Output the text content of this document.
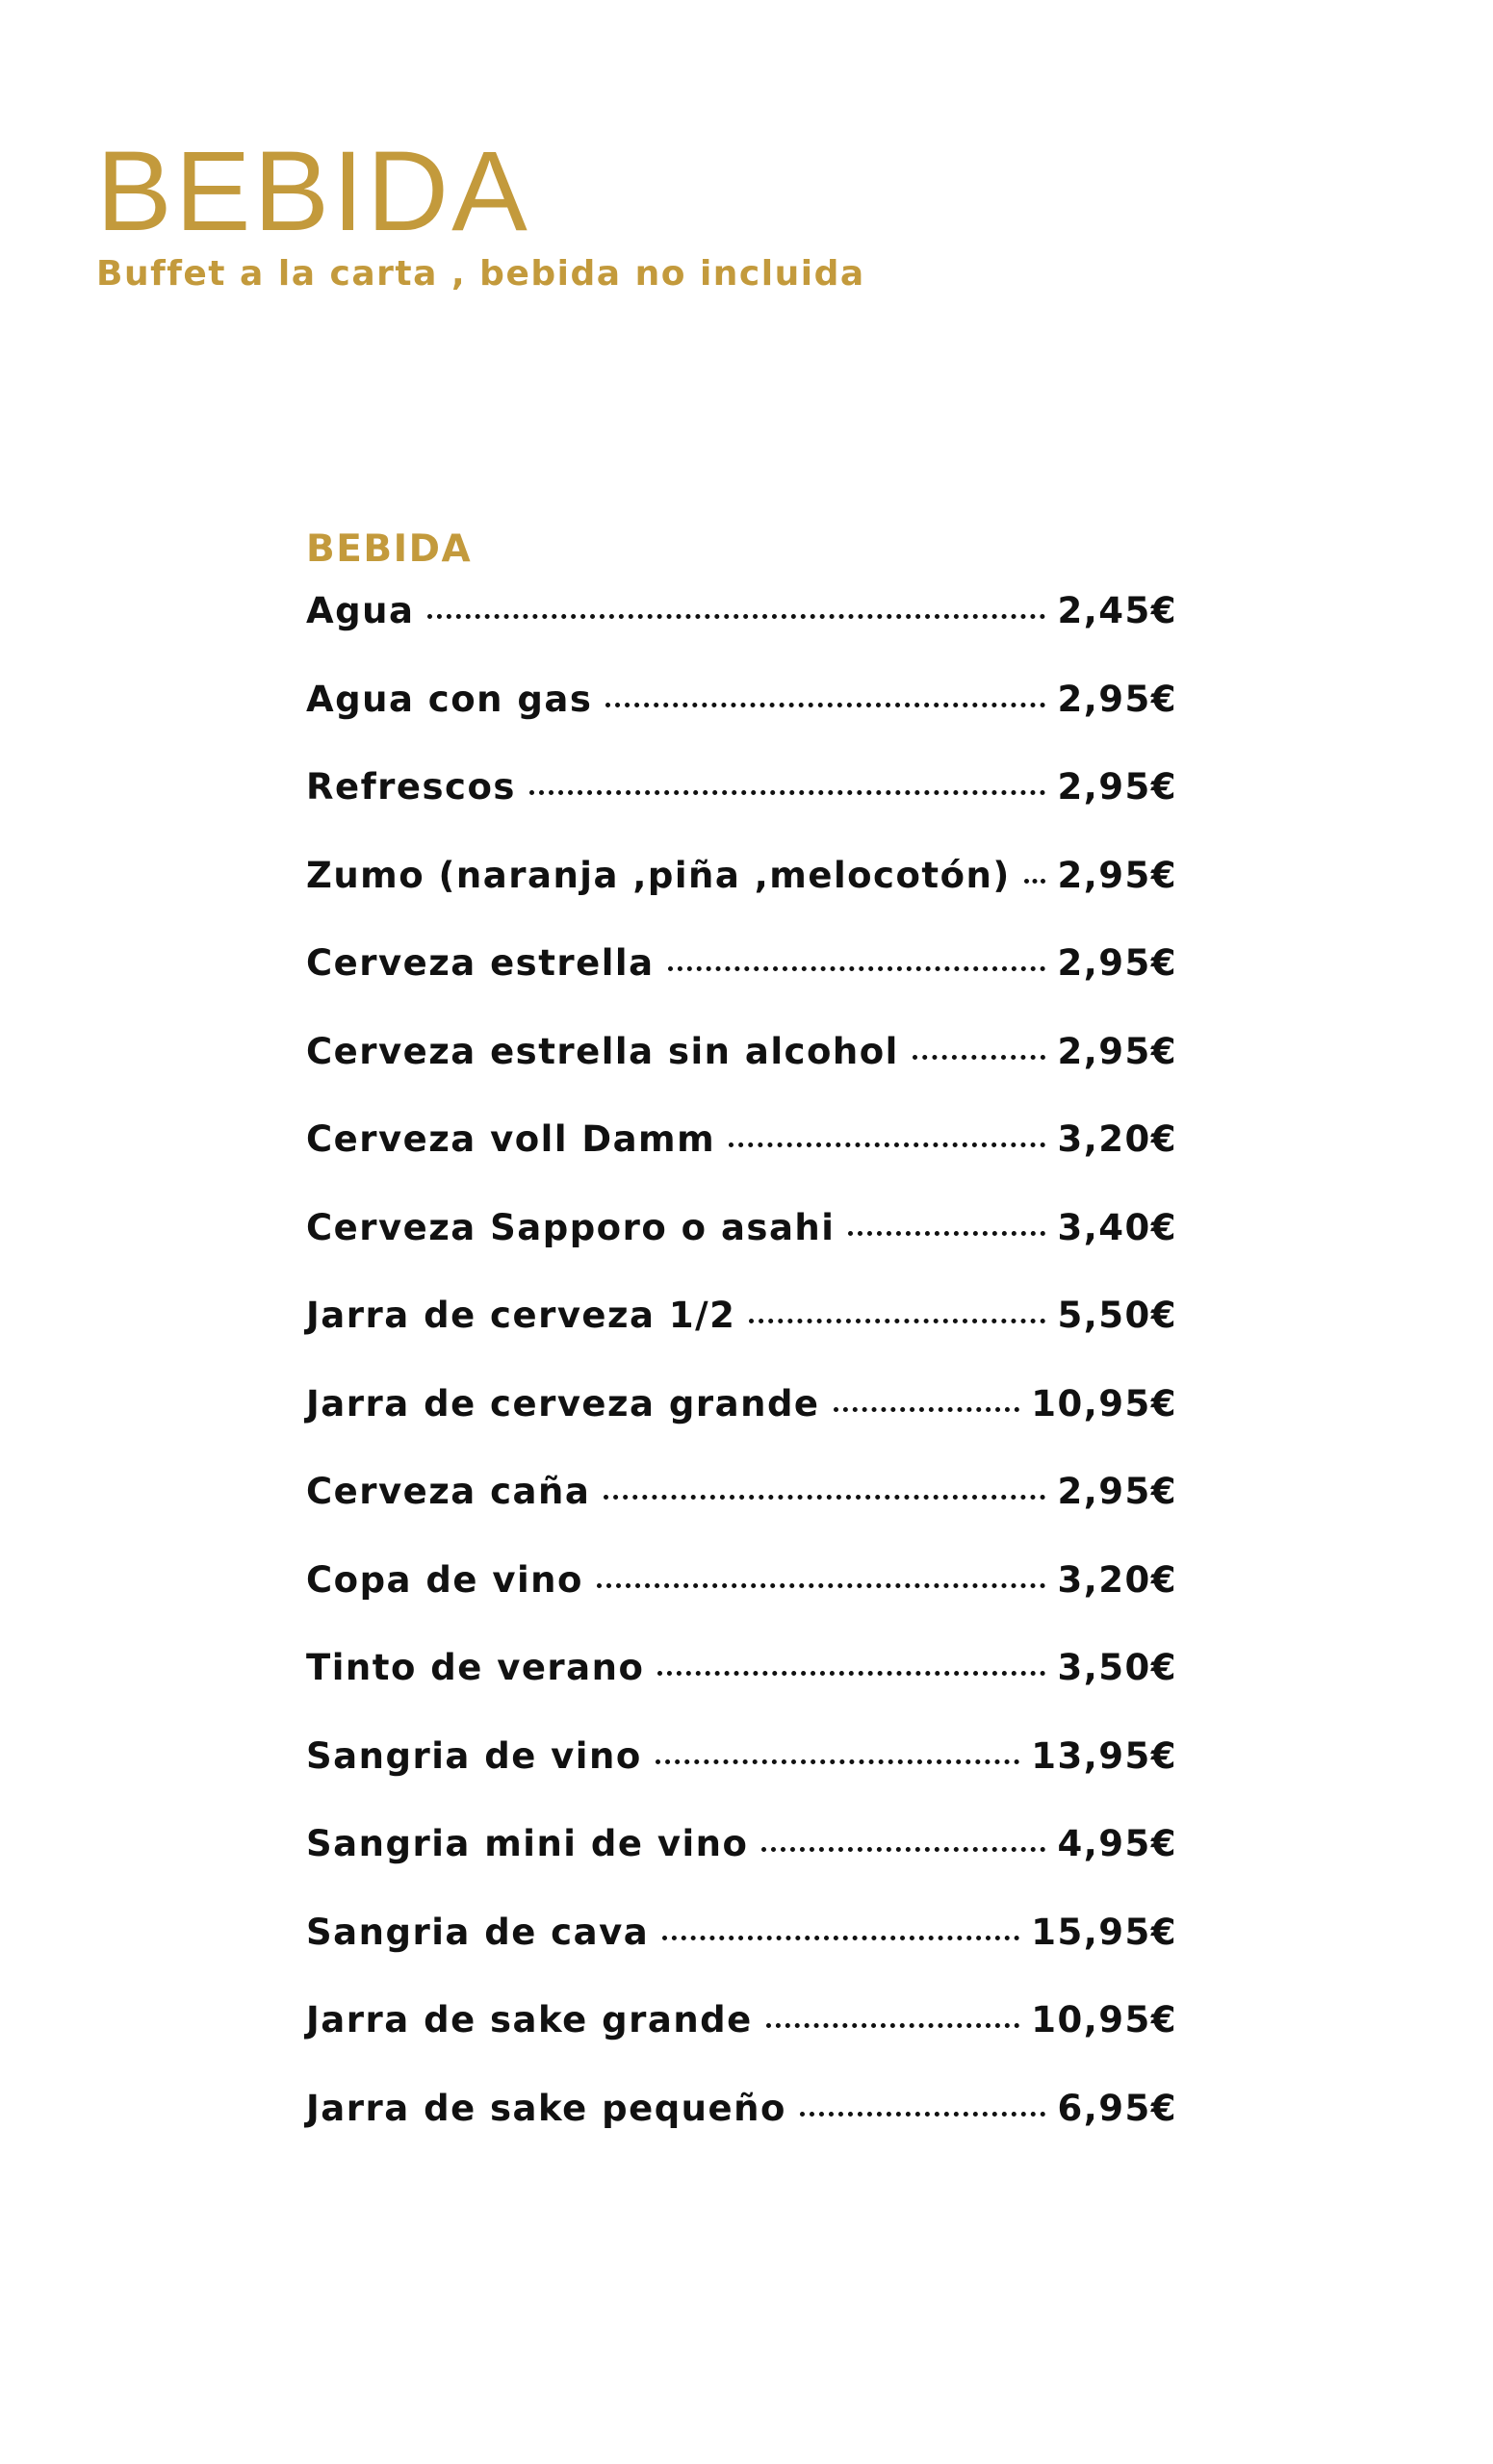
BEBIDA
Buffet a la carta , bebida no incluida
BEBIDA
Agua	2,45€
Agua con gas	2,95€
Refrescos	2,95€
Zumo (naranja ,piña ,melocotón) 2,95€
Cerveza estrella	2,95€
Cerveza estrella sin alcohol	2,95€
Cerveza voll Damm	3,20€
Cerveza Sapporo o asahi	3,40€
Jarra de cerveza 1/2	5,50€
Jarra de cerveza grande	10,95€
Cerveza caña	2,95€
Copa de vino	3,20€
Tinto de verano	3,50€
Sangria de vino	13,95€
Sangria mini de vino	4,95€
Sangria de cava	15,95€
Jarra de sake grande	10,95€
Jarra de sake pequeño	6,95€
